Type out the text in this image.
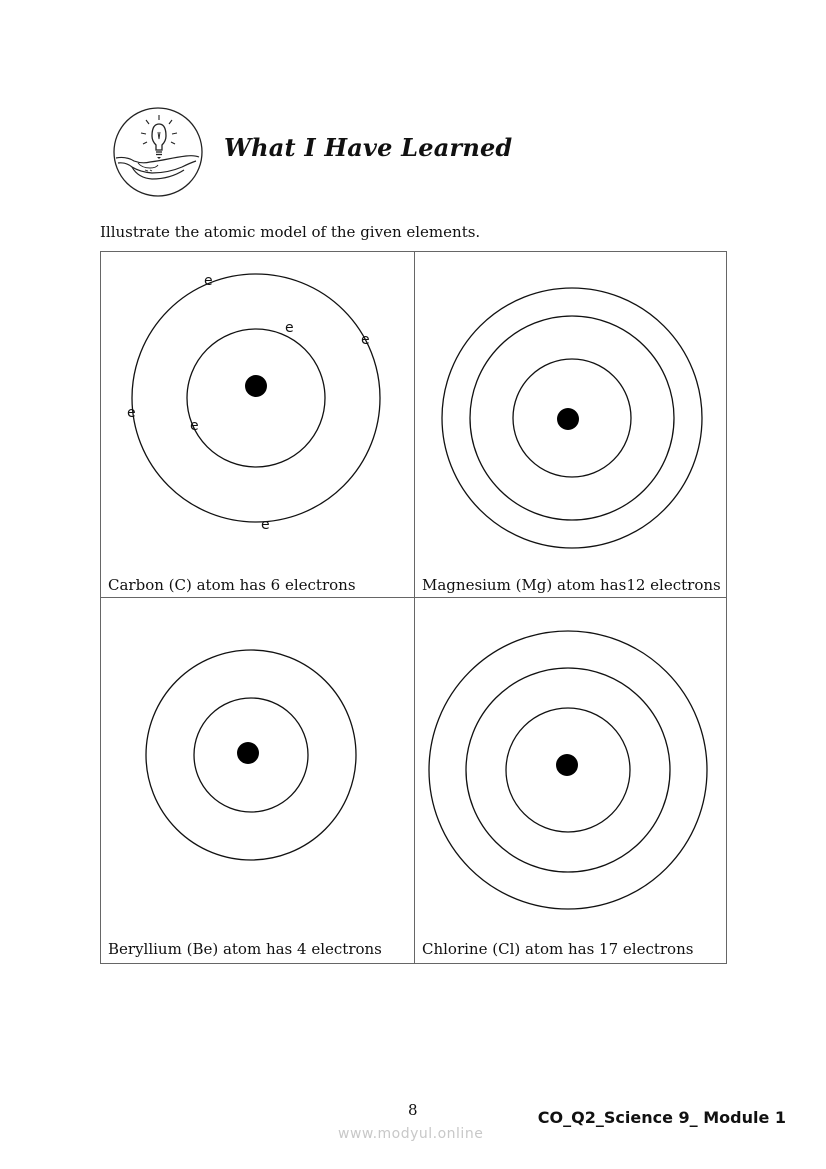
What I Have Learned

Illustrate the atomic model of the given elements.

e
e
e
e
e
e

Carbon (C) atom has 6 electrons	Magnesium (Mg) atom has12 electrons

Beryllium (Be) atom has 4 electrons	Chlorine (Cl) atom has 17 electrons

8	CO_Q2_Science 9_ Module 1

www.modyul.online
